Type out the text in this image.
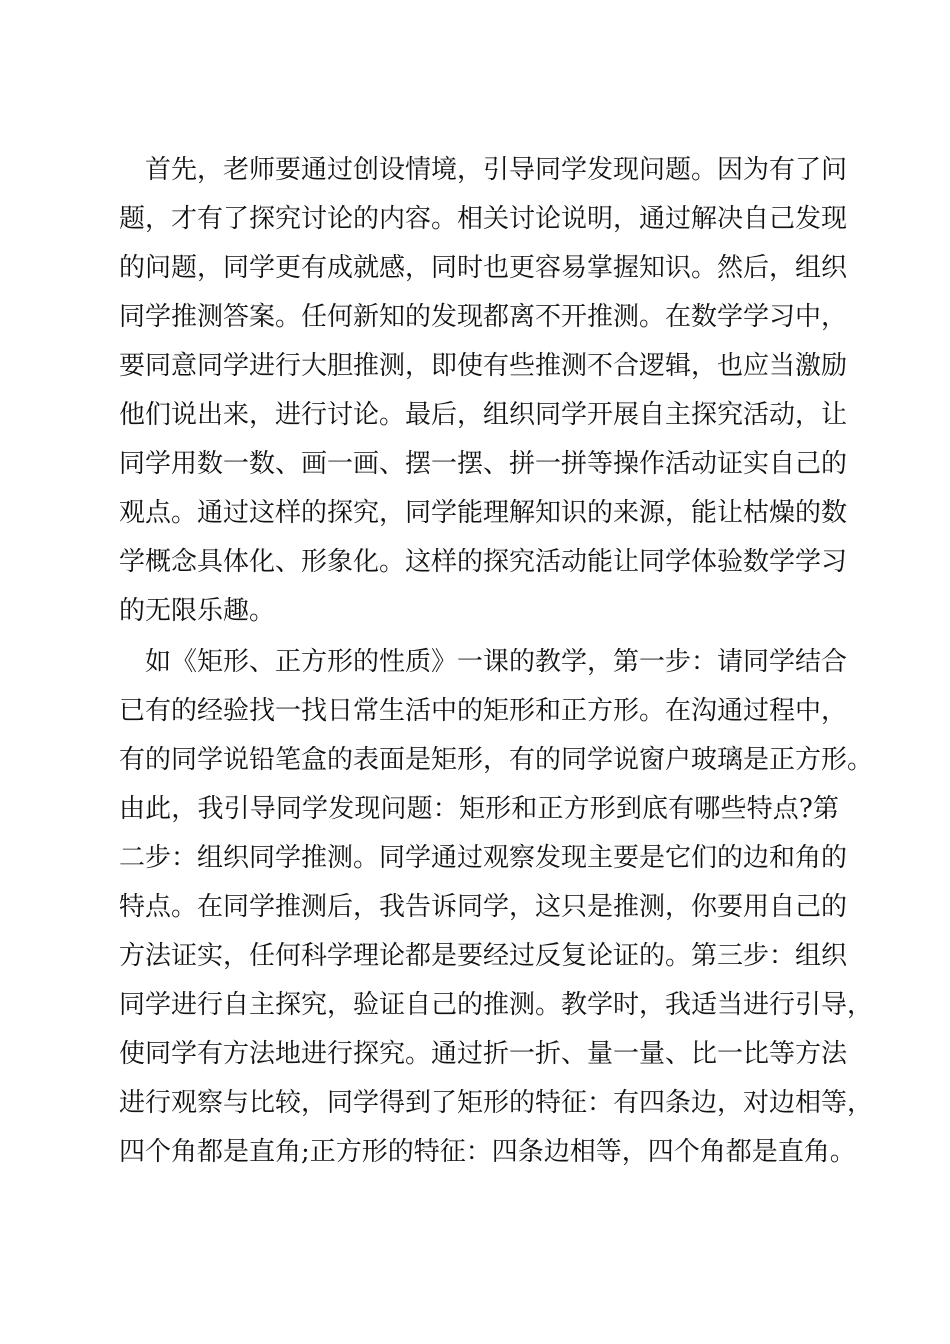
首先，老师要通过创设情境，引导同学发现问题。因为有了问
题，才有了探究讨论的内容。相关讨论说明，通过解决自己发现
的问题，同学更有成就感，同时也更容易掌握知识。然后，组织
同学推测答案。任何新知的发现都离不开推测。在数学学习中，
要同意同学进行大胆推测，即使有些推测不合逻辑，也应当激励
他们说出来，进行讨论。最后，组织同学开展自主探究活动，让
同学用数一数、画一画、摆一摆、拼一拼等操作活动证实自己的
观点。通过这样的探究，同学能理解知识的来源，能让枯燥的数
学概念具体化、形象化。这样的探究活动能让同学体验数学学习
的无限乐趣。
如《矩形、正方形的性质》一课的教学，第一步：请同学结合
已有的经验找一找日常生活中的矩形和正方形。在沟通过程中，
有的同学说铅笔盒的表面是矩形，有的同学说窗户玻璃是正方形。
由此，我引导同学发现问题：矩形和正方形到底有哪些特点?第
二步：组织同学推测。同学通过观察发现主要是它们的边和角的
特点。在同学推测后，我告诉同学，这只是推测，你要用自己的
方法证实，任何科学理论都是要经过反复论证的。第三步：组织
同学进行自主探究，验证自己的推测。教学时，我适当进行引导，
使同学有方法地进行探究。通过折一折、量一量、比一比等方法
进行观察与比较，同学得到了矩形的特征：有四条边，对边相等，
四个角都是直角;正方形的特征：四条边相等，四个角都是直角。
